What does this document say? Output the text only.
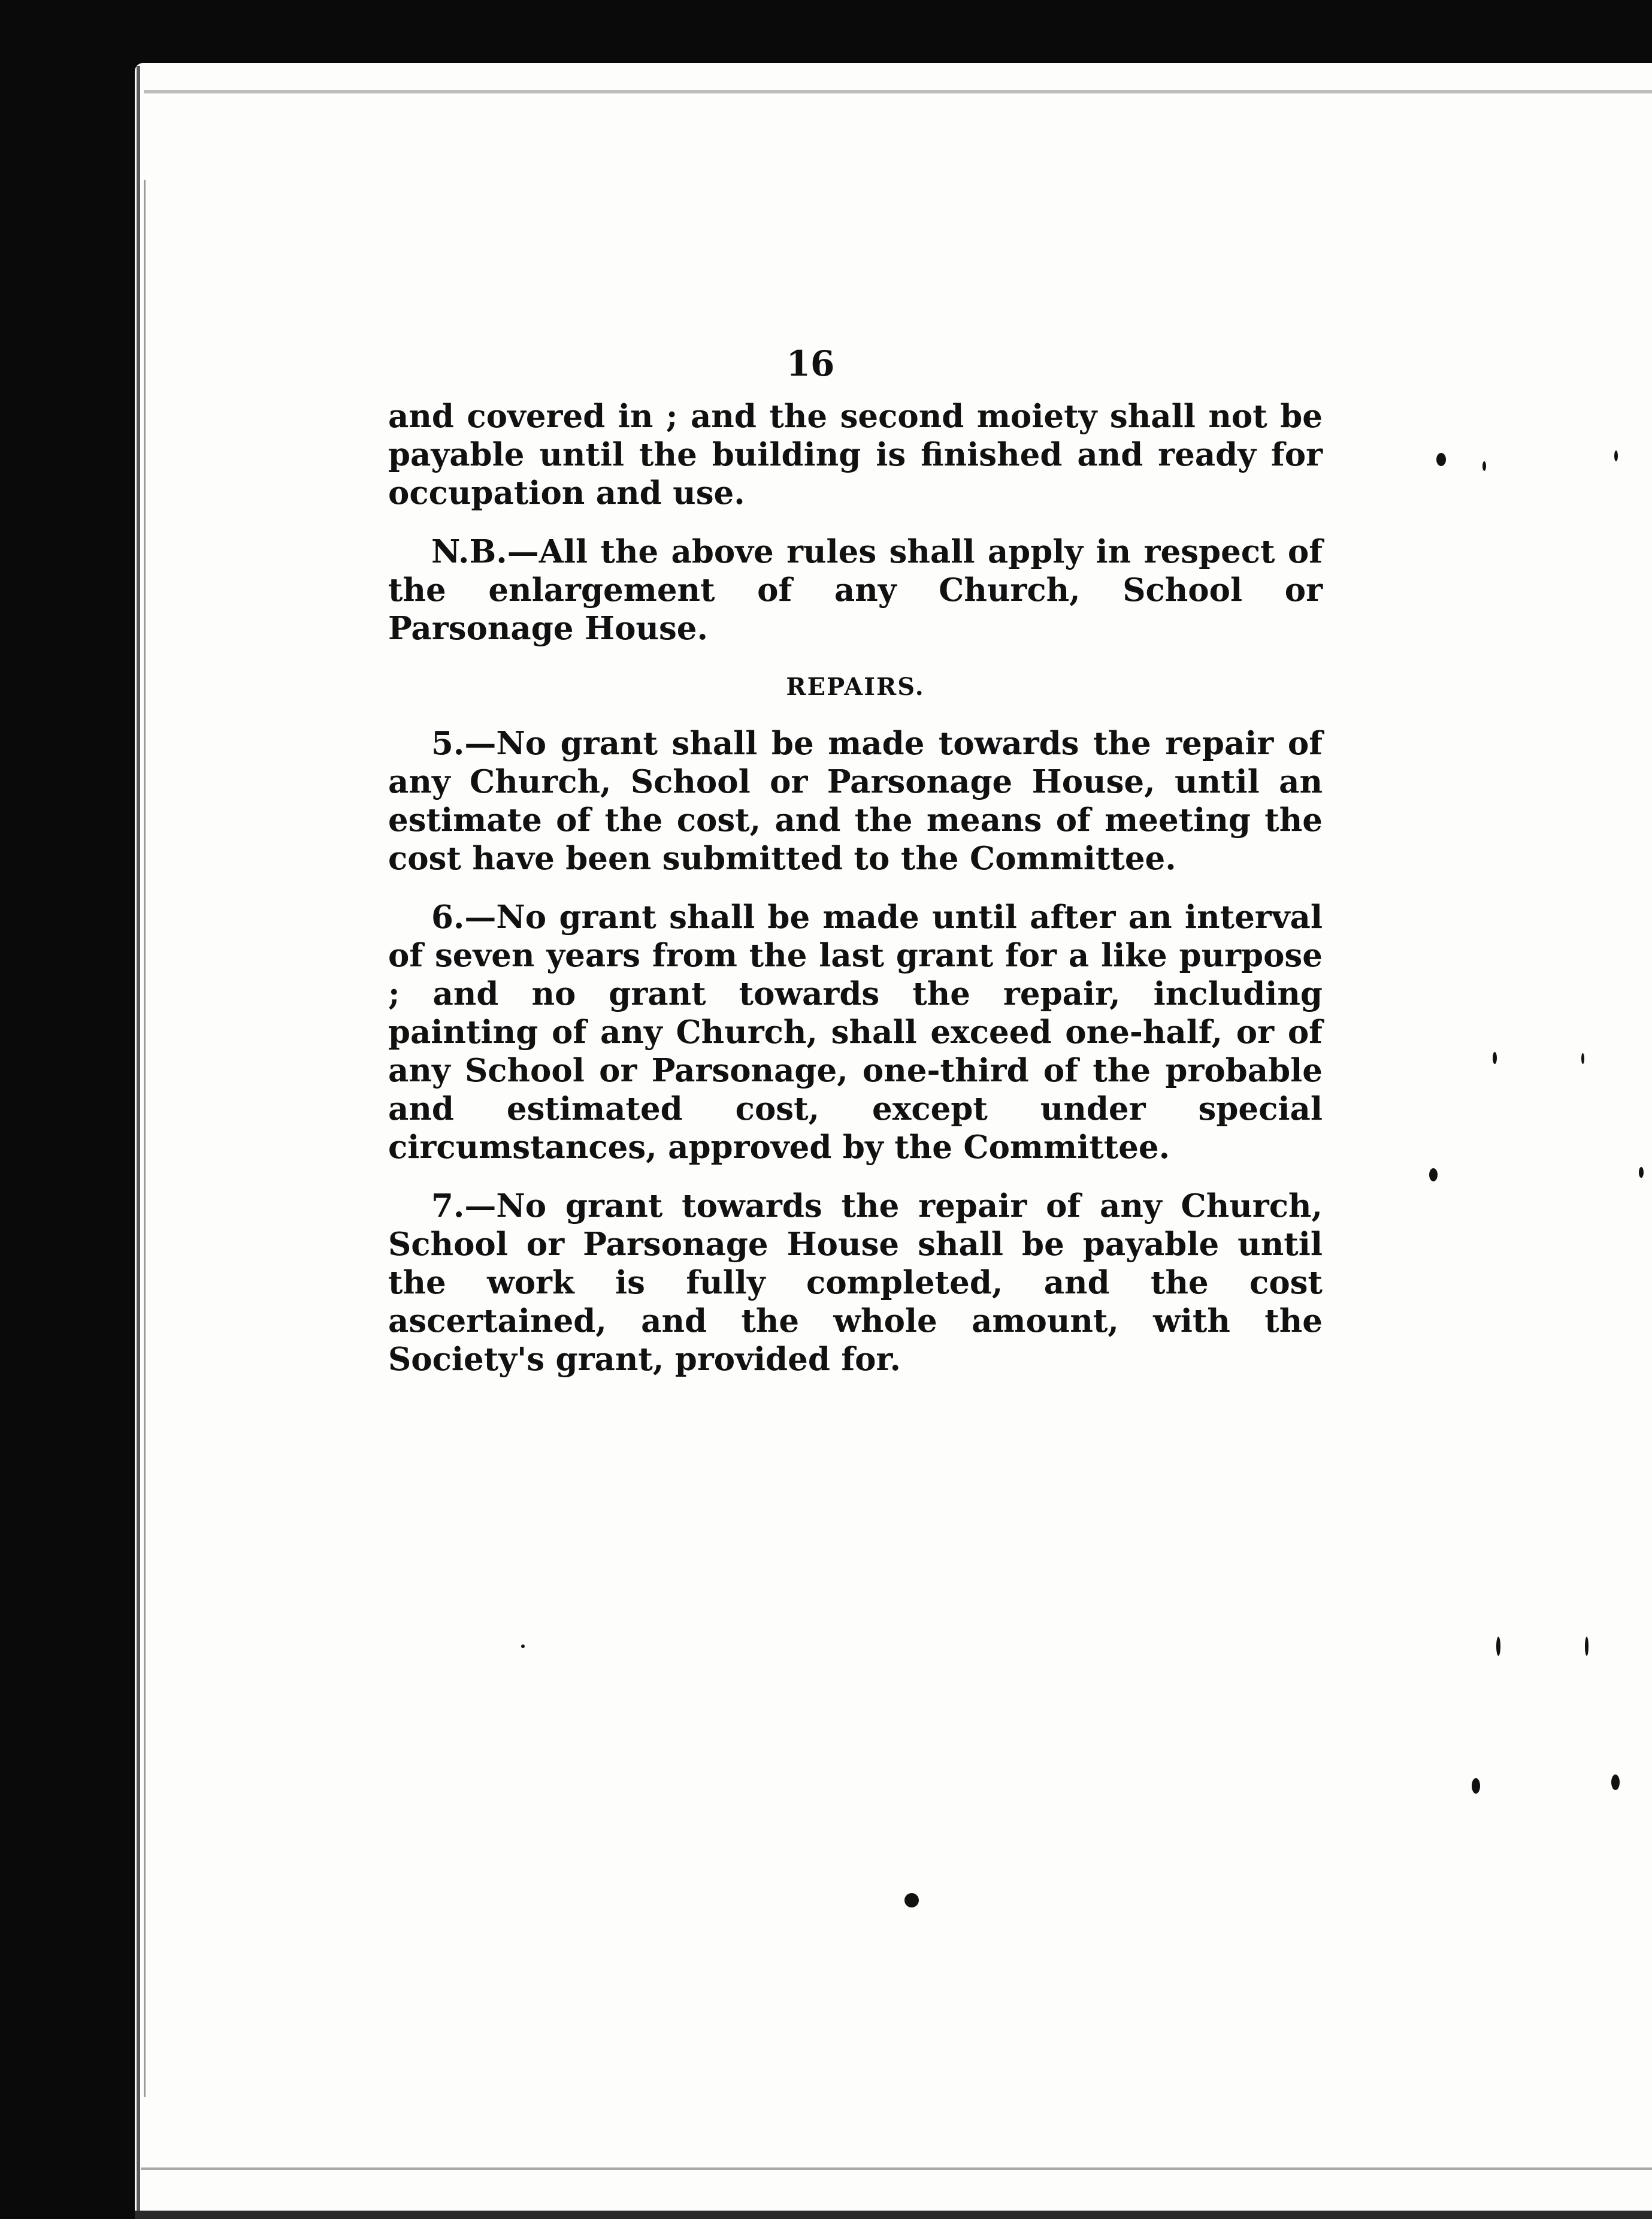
16

and covered in ; and the second moiety shall not be payable until the building is finished and ready for occupation and use.

N.B.—All the above rules shall apply in respect of the enlargement of any Church, School or Parsonage House.

REPAIRS.

5.—No grant shall be made towards the repair of any Church, School or Parsonage House, until an estimate of the cost, and the means of meeting the cost have been submitted to the Committee.

6.—No grant shall be made until after an interval of seven years from the last grant for a like purpose ; and no grant towards the repair, including painting of any Church, shall exceed one-half, or of any School or Parsonage, one-third of the probable and estimated cost, except under special circumstances, approved by the Committee.

7.—No grant towards the repair of any Church, School or Parsonage House shall be payable until the work is fully completed, and the cost ascertained, and the whole amount, with the Society's grant, provided for.
